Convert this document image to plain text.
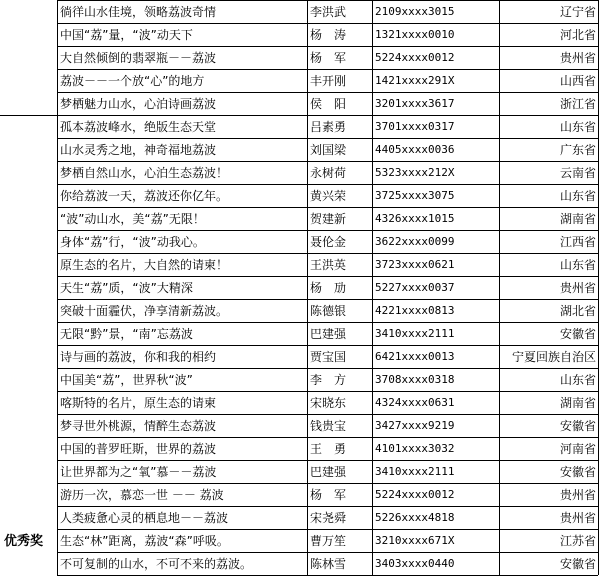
优秀奖
徜徉山水佳境，领略荔波奇情	李洪武	2109xxxx3015	辽宁省
中国“荔”量，“波”动天下	杨　涛	1321xxxx0010	河北省
大自然倾倒的翡翠瓶－－荔波	杨　军	5224xxxx0012	贵州省
荔波－－一个放“心”的地方	丰开刚	1421xxxx291X	山西省
梦栖魅力山水，心泊诗画荔波	侯　阳	3201xxxx3617	浙江省
孤本荔波峰水，绝版生态天堂	吕素勇	3701xxxx0317	山东省
山水灵秀之地，神奇福地荔波	刘国梁	4405xxxx0036	广东省
梦栖自然山水，心泊生态荔波！	永树荷	5323xxxx212X	云南省
你给荔波一天，荔波还你亿年。	黄兴荣	3725xxxx3075	山东省
“波”动山水，美“荔”无限！	贺建新	4326xxxx1015	湖南省
身体“荔”行，“波”动我心。	聂伦金	3622xxxx0099	江西省
原生态的名片，大自然的请柬！	王洪英	3723xxxx0621	山东省
天生“荔”质，“波”大精深	杨　劢	5227xxxx0037	贵州省
突破十面霾伏，净享清新荔波。	陈德银	4221xxxx0813	湖北省
无限“黔”景，“南”忘荔波	巴建强	3410xxxx2111	安徽省
诗与画的荔波，你和我的相约	贾宝国	6421xxxx0013	宁夏回族自治区
中国美“荔”，世界秋“波”	李　方	3708xxxx0318	山东省
喀斯特的名片，原生态的请柬	宋晓东	4324xxxx0631	湖南省
梦寻世外桃源，情醉生态荔波	钱贵宝	3427xxxx9219	安徽省
中国的普罗旺斯，世界的荔波	王　勇	4101xxxx3032	河南省
让世界都为之“氧”慕－－荔波	巴建强	3410xxxx2111	安徽省
游历一次，慕恋一世 －－ 荔波	杨　军	5224xxxx0012	贵州省
人类疲惫心灵的栖息地－－荔波	宋尧舜	5226xxxx4818	贵州省
生态“林”距离，荔波“森”呼吸。	曹万笙	3210xxxx671X	江苏省
不可复制的山水，不可不来的荔波。	陈林雪	3403xxxx0440	安徽省
